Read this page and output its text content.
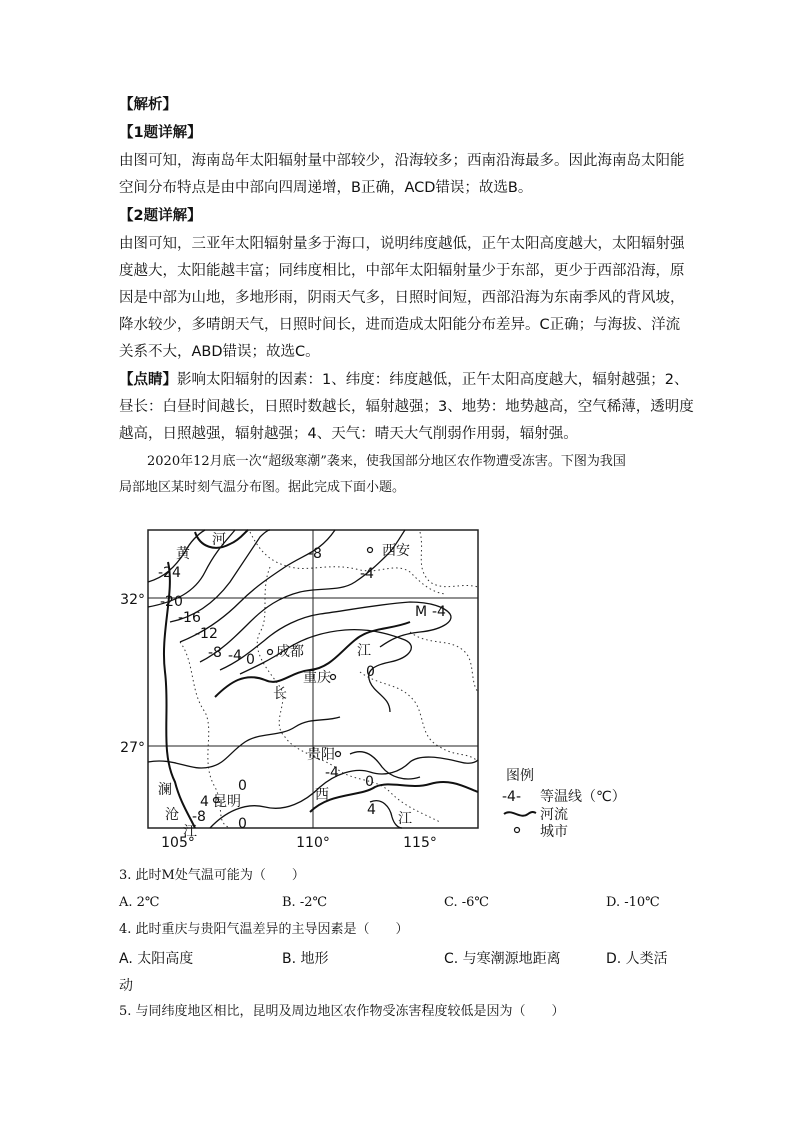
【解析】
【1题详解】
由图可知，海南岛年太阳辐射量中部较少，沿海较多；西南沿海最多。因此海南岛太阳能
空间分布特点是由中部向四周递增，B正确，ACD错误；故选B。
【2题详解】
由图可知，三亚年太阳辐射量多于海口，说明纬度越低，正午太阳高度越大，太阳辐射强
度越大，太阳能越丰富；同纬度相比，中部年太阳辐射量少于东部，更少于西部沿海，原
因是中部为山地，多地形雨，阴雨天气多，日照时间短，西部沿海为东南季风的背风坡，
降水较少，多晴朗天气，日照时间长，进而造成太阳能分布差异。C正确；与海拔、洋流
关系不大，ABD错误；故选C。
【点睛】影响太阳辐射的因素：1、纬度：纬度越低，正午太阳高度越大，辐射越强；2、
昼长：白昼时间越长，日照时数越长，辐射越强；3、地势：地势越高，空气稀薄，透明度
越高，日照越强，辐射越强；4、天气：晴天大气削弱作用弱，辐射强。
2020年12月底一次“超级寒潮”袭来，使我国部分地区农作物遭受冻害。下图为我国
局部地区某时刻气温分布图。据此完成下面小题。
32°
27°
105°	110°	115°
西安
成都
重庆
贵阳
昆明
黄
河
长
江
澜
沧
江
西
江
M
-24
-20
-16
-12
-8 -4 0
-8
-4
-4
0
-4
0
0
4
-8	4
0
图例
-4- 等温线（℃）
河流
城市
3. 此时M处气温可能为（　　）
A. 2℃	B. -2℃	C. -6℃	D. -10℃
4. 此时重庆与贵阳气温差异的主导因素是（　　）
A. 太阳高度	B. 地形	C. 与寒潮源地距离	D. 人类活
动
5. 与同纬度地区相比，昆明及周边地区农作物受冻害程度较低是因为（　　）
